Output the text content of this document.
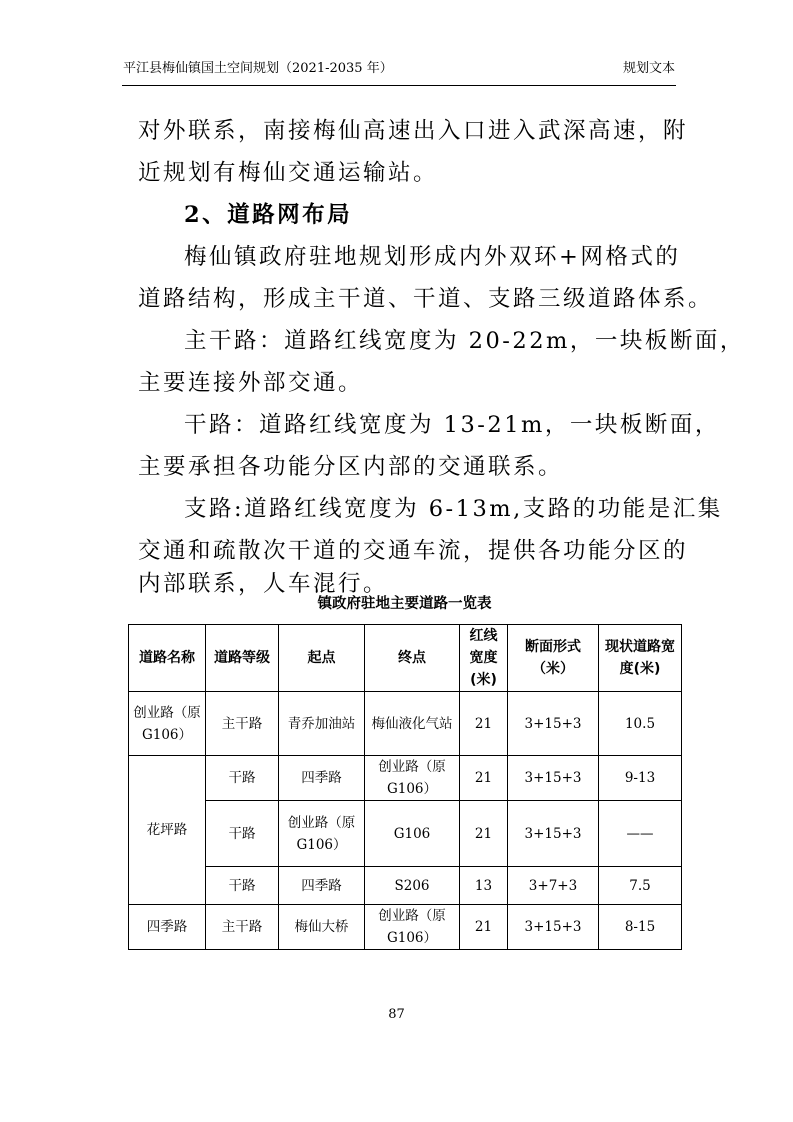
平江县梅仙镇国土空间规划（2021-2035 年）	规划文本
对外联系，南接梅仙高速出入口进入武深高速，附
近规划有梅仙交通运输站。
2、道路网布局
梅仙镇政府驻地规划形成内外双环+网格式的
道路结构，形成主干道、干道、支路三级道路体系。
主干路：道路红线宽度为 20-22m，一块板断面，
主要连接外部交通。
干路：道路红线宽度为 13-21m，一块板断面，
主要承担各功能分区内部的交通联系。
支路:道路红线宽度为 6-13m,支路的功能是汇集
交通和疏散次干道的交通车流，提供各功能分区的
内部联系，人车混行。
镇政府驻地主要道路一览表
道路名称	道路等级	起点	终点	红线宽度(米)	断面形式（米）	现状道路宽度(米)
创业路（原G106）	主干路	青乔加油站	梅仙液化气站	21	3+15+3	10.5
花坪路	干路	四季路	创业路（原G106）	21	3+15+3	9-13
	干路	创业路（原G106）	G106	21	3+15+3	——
	干路	四季路	S206	13	3+7+3	7.5
四季路	主干路	梅仙大桥	创业路（原G106）	21	3+15+3	8-15
87
